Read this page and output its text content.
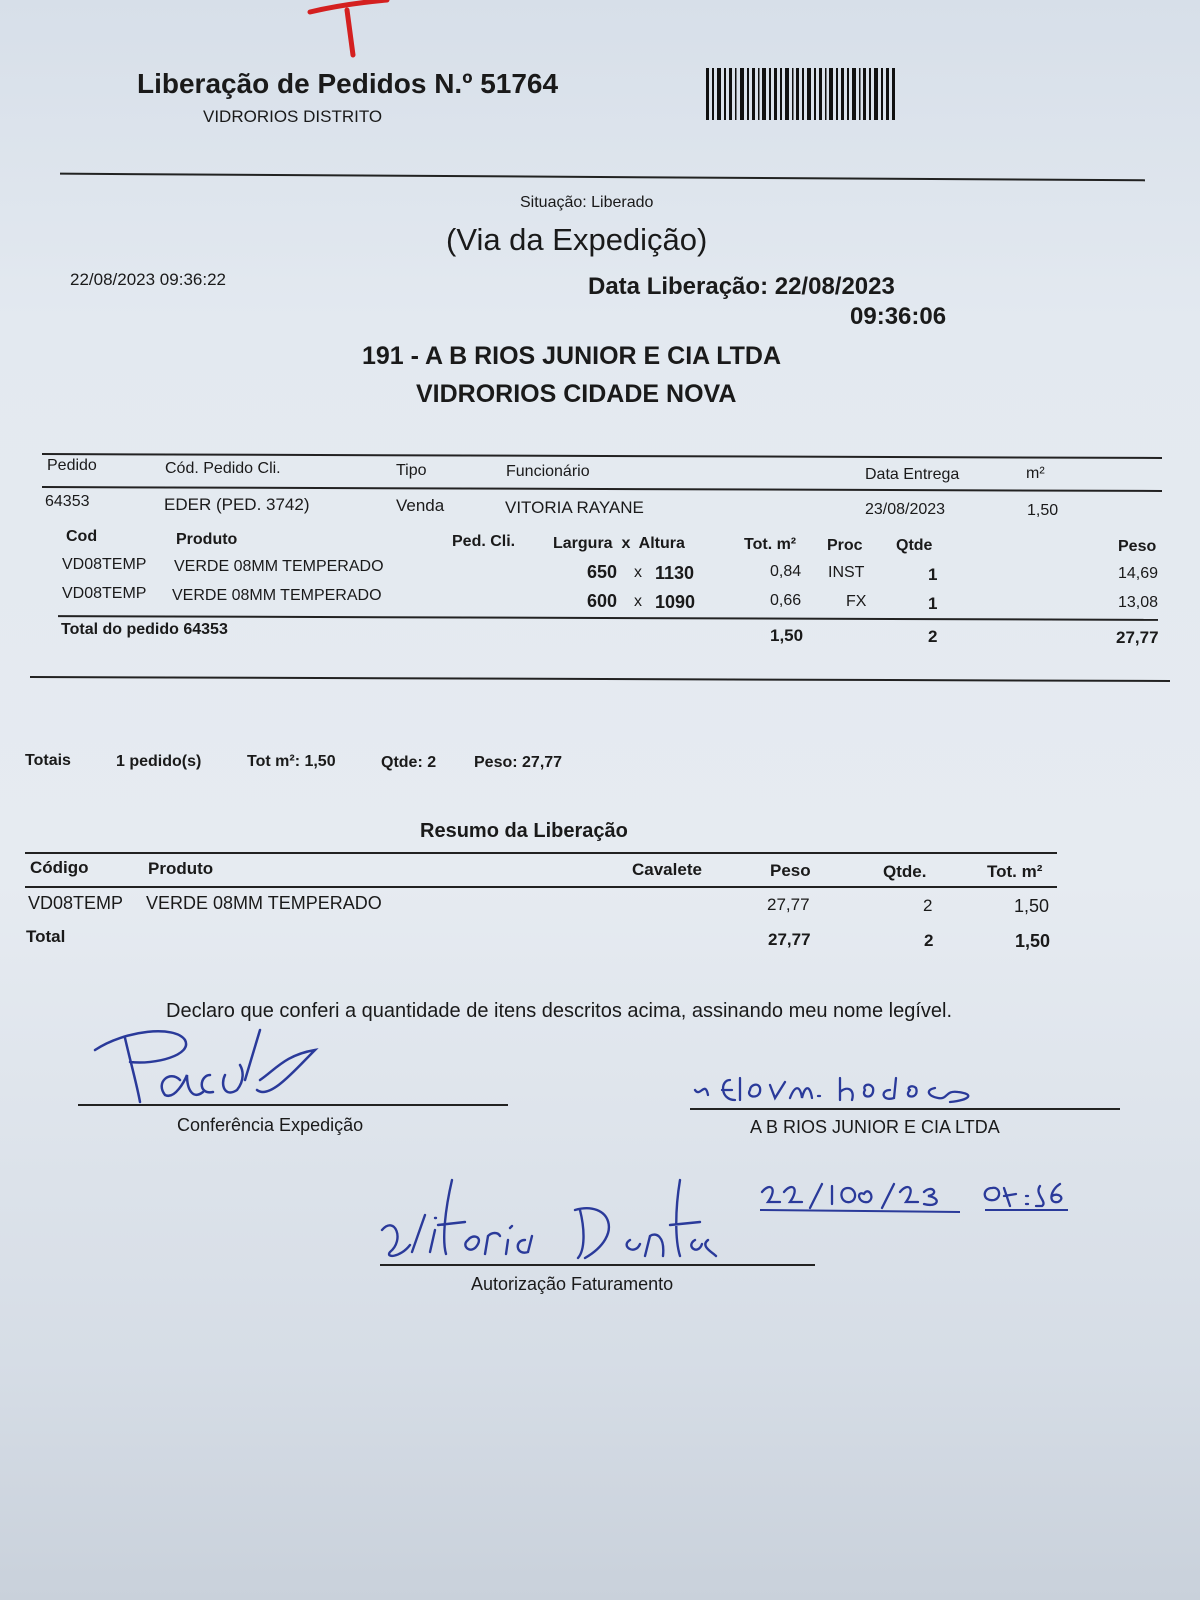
Liberação de Pedidos N.º 51764
VIDRORIOS DISTRITO
Situação: Liberado
(Via da Expedição)
22/08/2023 09:36:22	Data Liberação: 22/08/2023
09:36:06
191 - A B RIOS JUNIOR E CIA LTDA
VIDRORIOS CIDADE NOVA
Pedido	Cód. Pedido Cli.	Tipo	Funcionário	Data Entrega	m²
64353	EDER (PED. 3742)	Venda	VITORIA RAYANE	23/08/2023	1,50
Cod	Produto	Ped. Cli. Largura  x  Altura	Tot. m² Proc Qtde	Peso
VD08TEMP VERDE 08MM TEMPERADO	650 x 1130	0,84 INST	1	14,69
VD08TEMP VERDE 08MM TEMPERADO	600 x 1090	0,66	FX	1	13,08
Total do pedido 64353	1,50	2	27,77
Totais	1 pedido(s)	Tot m²: 1,50	Qtde: 2 Peso: 27,77
Resumo da Liberação
Código	Produto	Cavalete	Peso	Qtde.	Tot. m²
VD08TEMP VERDE 08MM TEMPERADO	27,77	2	1,50
Total	27,77	2	1,50
Declaro que conferi a quantidade de itens descritos acima, assinando meu nome legível.
Conferência Expedição	A B RIOS JUNIOR E CIA LTDA
Autorização Faturamento
